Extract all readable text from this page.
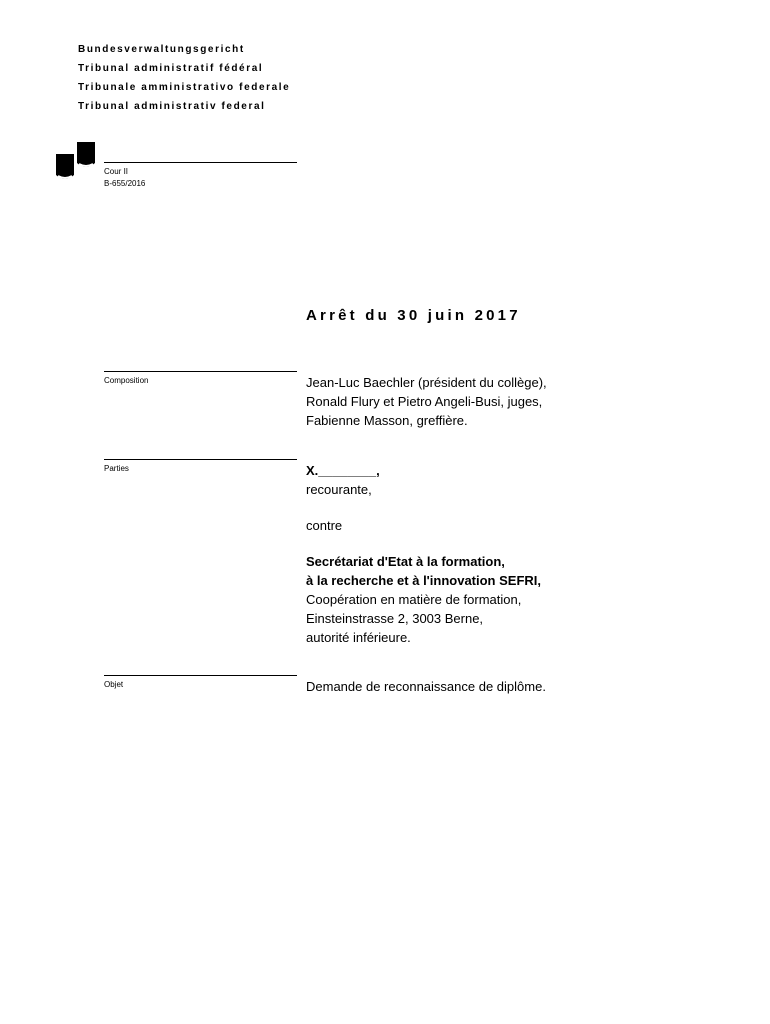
Bundesverwaltungsgericht
Tribunal administratif fédéral
Tribunale amministrativo federale
Tribunal administrativ federal
Cour II
B-655/2016
Arrêt du 30 juin 2017
Composition	Jean-Luc Baechler (président du collège),
Ronald Flury et Pietro Angeli-Busi, juges,
Fabienne Masson, greffière.
Parties	X.________,
recourante,
contre
Secrétariat d'Etat à la formation,
à la recherche et à l'innovation SEFRI,
Coopération en matière de formation,
Einsteinstrasse 2, 3003 Berne,
autorité inférieure.
Objet	Demande de reconnaissance de diplôme.
